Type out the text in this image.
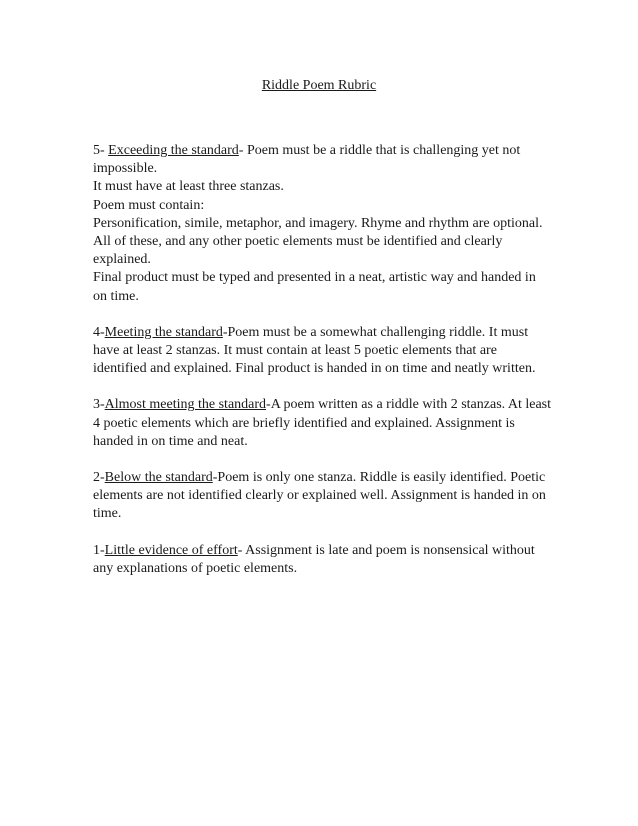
Riddle Poem Rubric

5- Exceeding the standard- Poem must be a riddle that is challenging yet not impossible.

It must have at least three stanzas.

Poem must contain:

Personification, simile, metaphor, and imagery. Rhyme and rhythm are optional.

All of these, and any other poetic elements must be identified and clearly explained.

Final product must be typed and presented in a neat, artistic way and handed in on time.

4-Meeting the standard-Poem must be a somewhat challenging riddle. It must have at least 2 stanzas. It must contain at least 5 poetic elements that are identified and explained. Final product is handed in on time and neatly written.

3-Almost meeting the standard-A poem written as a riddle with 2 stanzas. At least 4 poetic elements which are briefly identified and explained. Assignment is handed in on time and neat.

2-Below the standard-Poem is only one stanza. Riddle is easily identified. Poetic elements are not identified clearly or explained well. Assignment is handed in on time.

1-Little evidence of effort- Assignment is late and poem is nonsensical without any explanations of poetic elements.
